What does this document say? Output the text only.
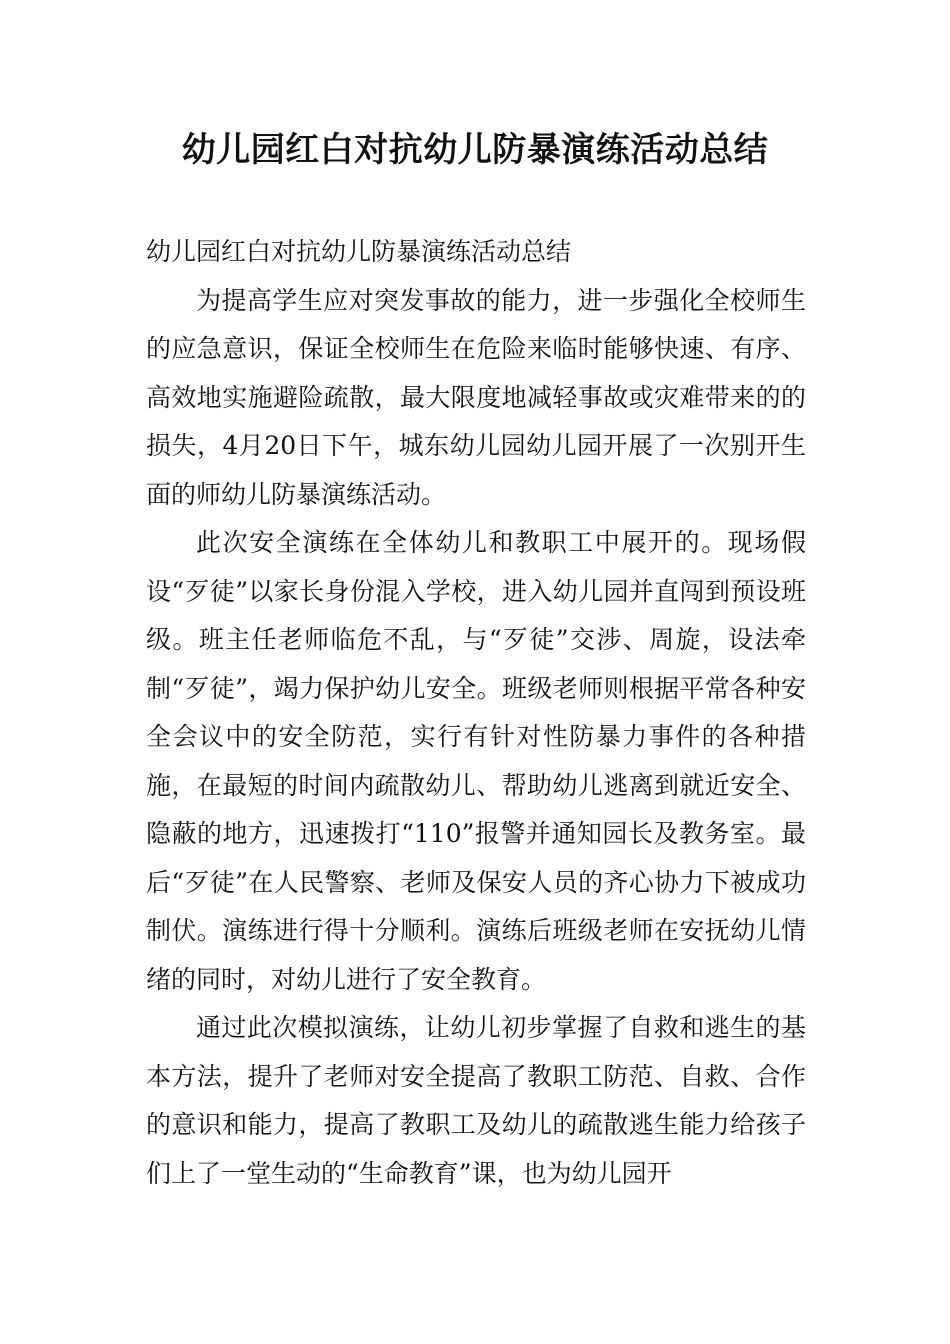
幼儿园红白对抗幼儿防暴演练活动总结

幼儿园红白对抗幼儿防暴演练活动总结

为提高学生应对突发事故的能力，进一步强化全校师生的应急意识，保证全校师生在危险来临时能够快速、有序、高效地实施避险疏散，最大限度地减轻事故或灾难带来的的损失，4月20日下午，城东幼儿园幼儿园开展了一次别开生面的师幼儿防暴演练活动。

此次安全演练在全体幼儿和教职工中展开的。现场假设“歹徒”以家长身份混入学校，进入幼儿园并直闯到预设班级。班主任老师临危不乱，与“歹徒”交涉、周旋，设法牵制“歹徒”，竭力保护幼儿安全。班级老师则根据平常各种安全会议中的安全防范，实行有针对性防暴力事件的各种措施，在最短的时间内疏散幼儿、帮助幼儿逃离到就近安全、隐蔽的地方，迅速拨打“110”报警并通知园长及教务室。最后“歹徒”在人民警察、老师及保安人员的齐心协力下被成功制伏。演练进行得十分顺利。演练后班级老师在安抚幼儿情绪的同时，对幼儿进行了安全教育。

通过此次模拟演练，让幼儿初步掌握了自救和逃生的基本方法，提升了老师对安全提高了教职工防范、自救、合作的意识和能力，提高了教职工及幼儿的疏散逃生能力给孩子们上了一堂生动的“生命教育”课，也为幼儿园开
